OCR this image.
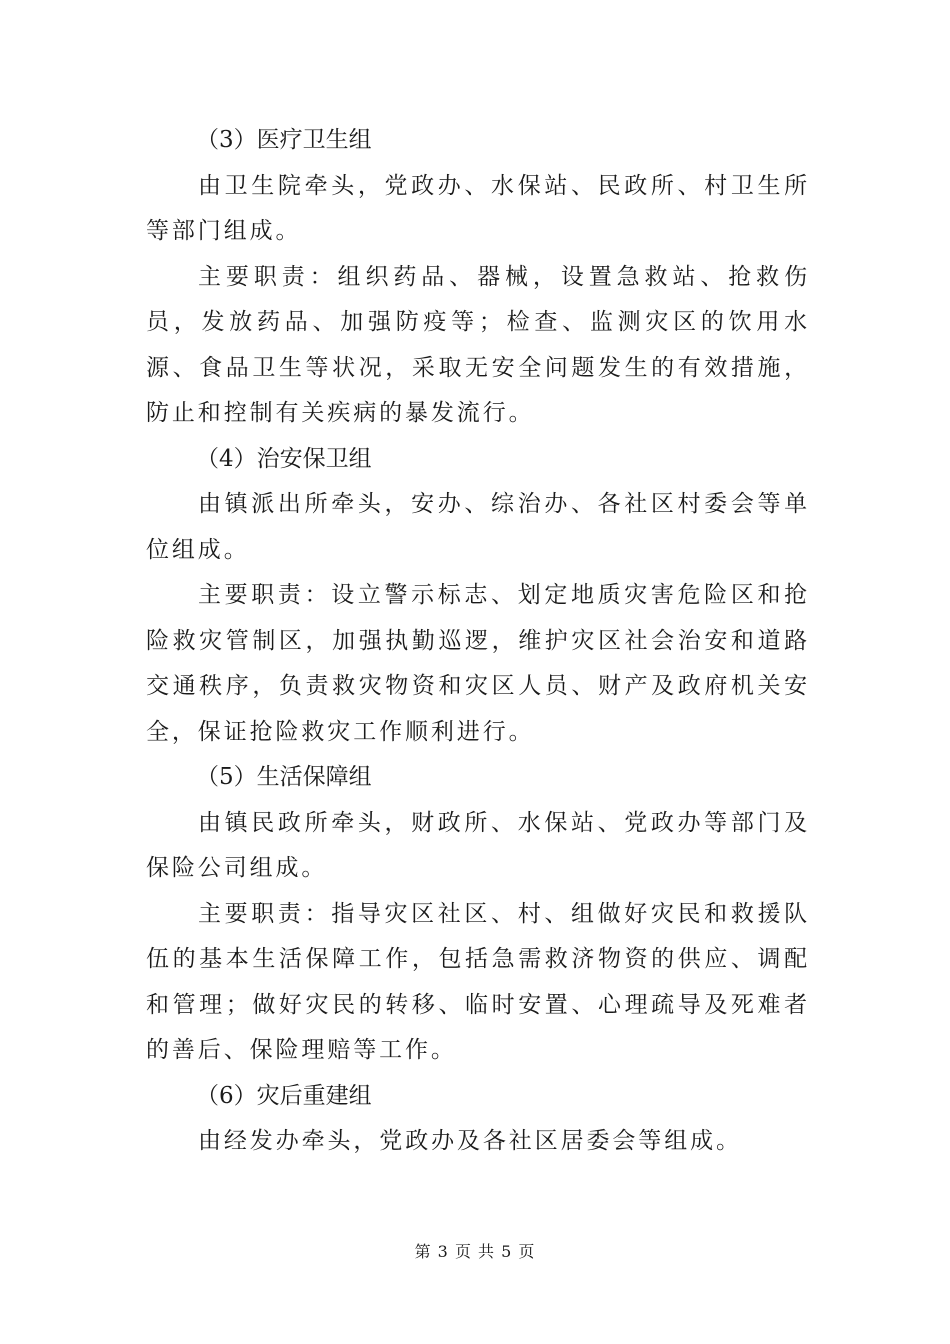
（3）医疗卫生组

由卫生院牵头，党政办、水保站、民政所、村卫生所等部门组成。

主要职责：组织药品、器械，设置急救站、抢救伤员，发放药品、加强防疫等；检查、监测灾区的饮用水源、食品卫生等状况，采取无安全问题发生的有效措施，防止和控制有关疾病的暴发流行。

（4）治安保卫组

由镇派出所牵头，安办、综治办、各社区村委会等单位组成。

主要职责：设立警示标志、划定地质灾害危险区和抢险救灾管制区，加强执勤巡逻，维护灾区社会治安和道路交通秩序，负责救灾物资和灾区人员、财产及政府机关安全，保证抢险救灾工作顺利进行。

（5）生活保障组

由镇民政所牵头，财政所、水保站、党政办等部门及保险公司组成。

主要职责：指导灾区社区、村、组做好灾民和救援队伍的基本生活保障工作，包括急需救济物资的供应、调配和管理；做好灾民的转移、临时安置、心理疏导及死难者的善后、保险理赔等工作。

（6）灾后重建组

由经发办牵头，党政办及各社区居委会等组成。

第 3 页 共 5 页
